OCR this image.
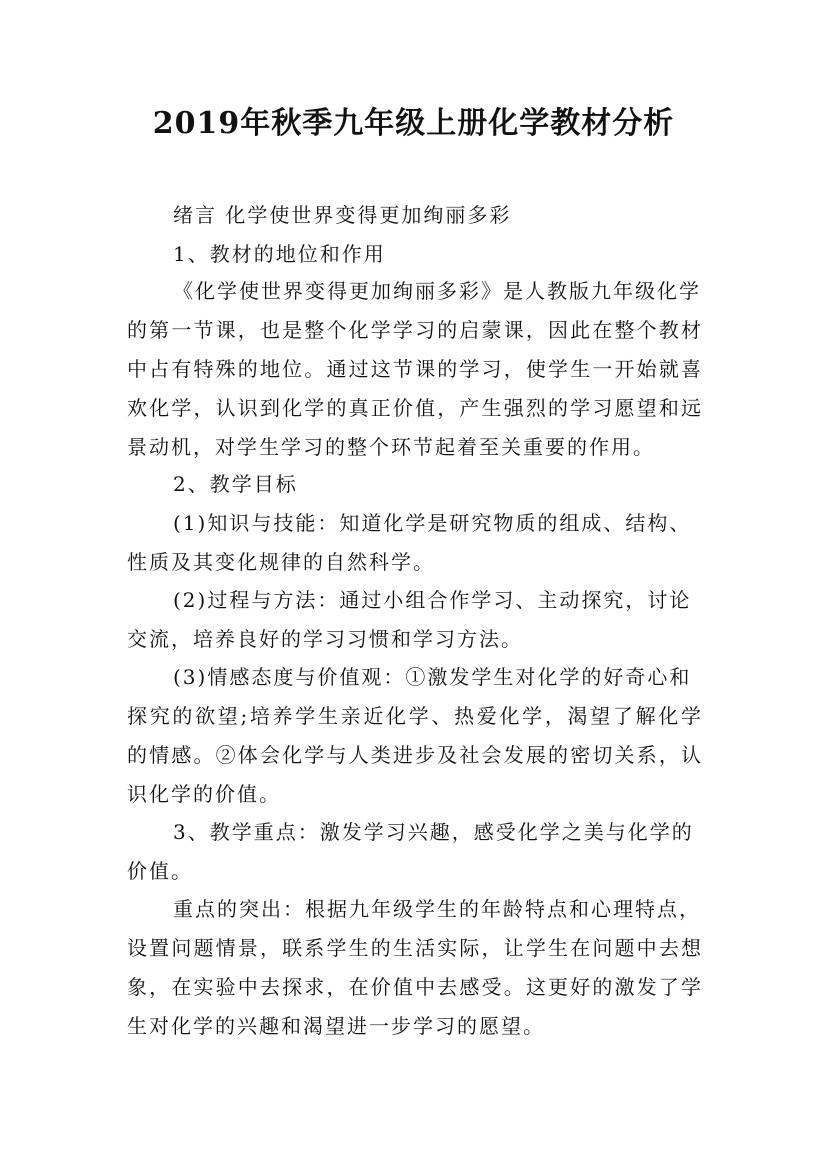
2019年秋季九年级上册化学教材分析
绪言 化学使世界变得更加绚丽多彩
1、教材的地位和作用
《化学使世界变得更加绚丽多彩》是人教版九年级化学
的第一节课，也是整个化学学习的启蒙课，因此在整个教材
中占有特殊的地位。通过这节课的学习，使学生一开始就喜
欢化学，认识到化学的真正价值，产生强烈的学习愿望和远
景动机，对学生学习的整个环节起着至关重要的作用。
2、教学目标
(1)知识与技能：知道化学是研究物质的组成、结构、
性质及其变化规律的自然科学。
(2)过程与方法：通过小组合作学习、主动探究，讨论
交流，培养良好的学习习惯和学习方法。
(3)情感态度与价值观：①激发学生对化学的好奇心和
探究的欲望;培养学生亲近化学、热爱化学，渴望了解化学
的情感。②体会化学与人类进步及社会发展的密切关系，认
识化学的价值。
3、教学重点：激发学习兴趣，感受化学之美与化学的
价值。
重点的突出：根据九年级学生的年龄特点和心理特点，
设置问题情景，联系学生的生活实际，让学生在问题中去想
象，在实验中去探求，在价值中去感受。这更好的激发了学
生对化学的兴趣和渴望进一步学习的愿望。
